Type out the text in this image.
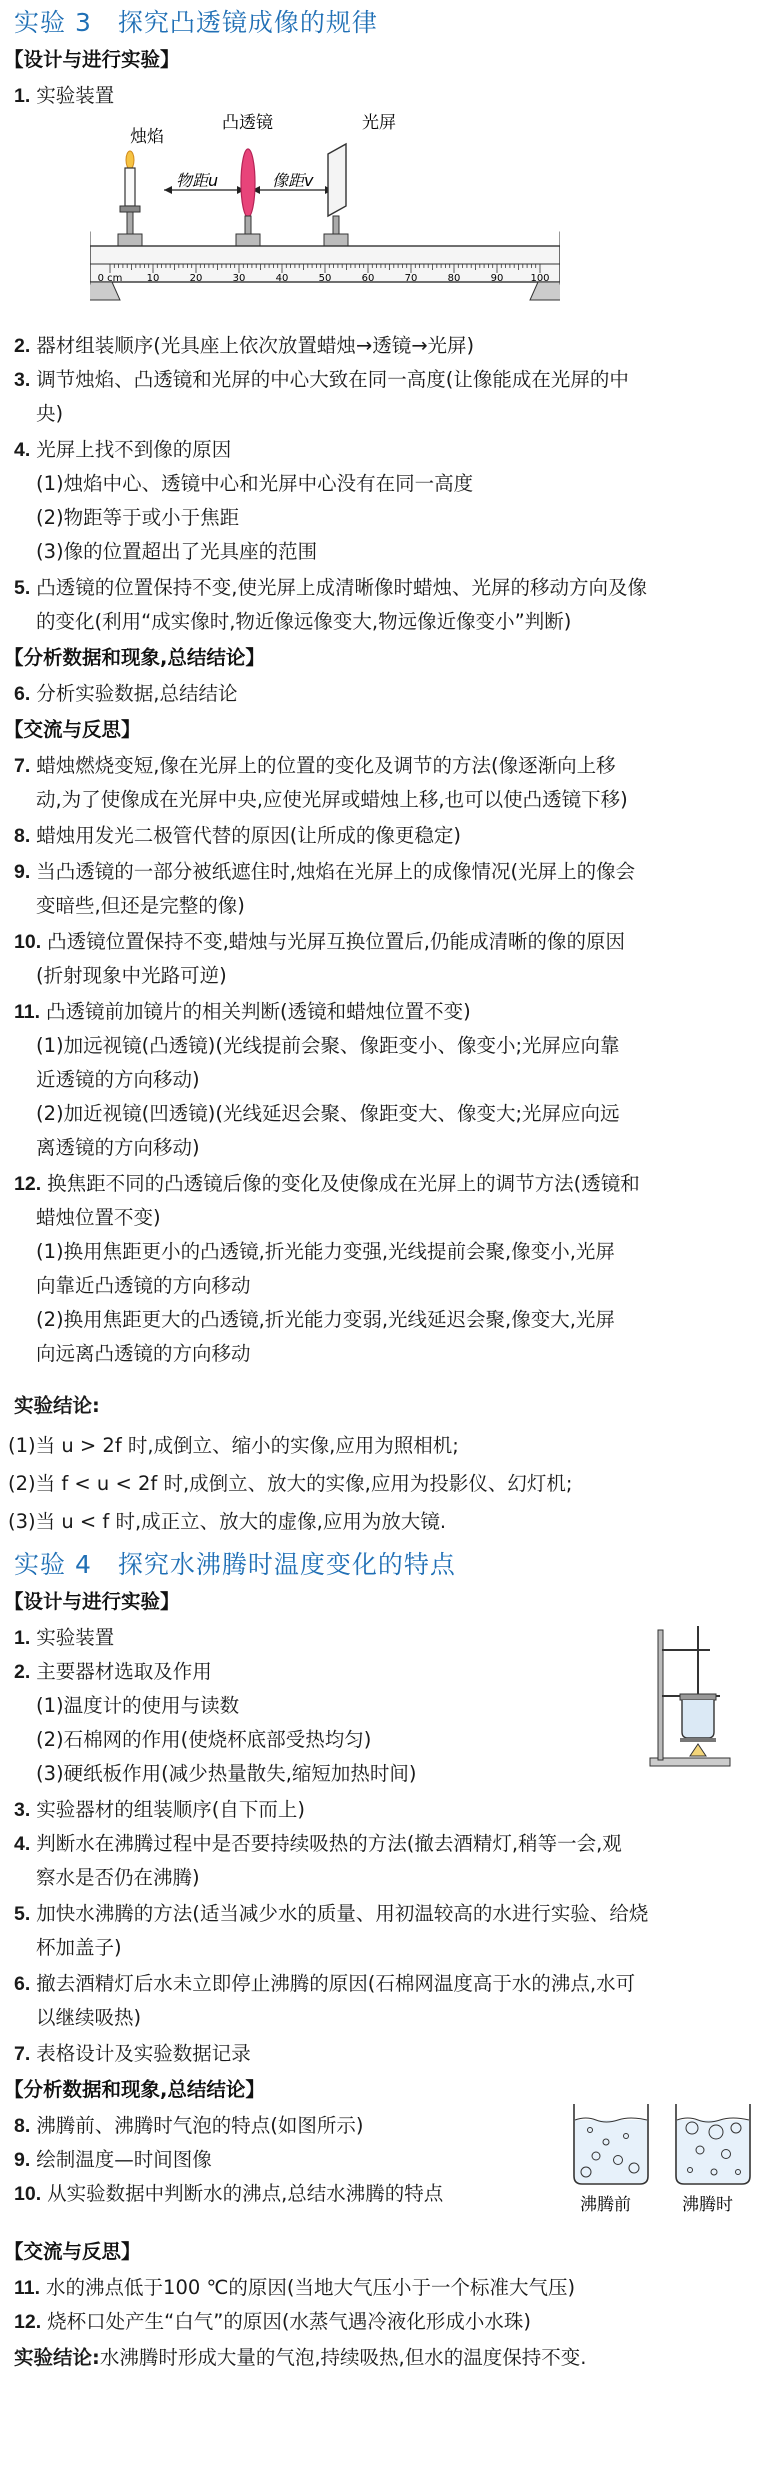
实验 3　探究凸透镜成像的规律
【设计与进行实验】
1. 实验装置
烛焰
凸透镜	光屏
物距u	像距v
0 cm 10	20	30	40	50	60	70	80	90	100
2. 器材组装顺序(光具座上依次放置蜡烛→透镜→光屏)
3. 调节烛焰、凸透镜和光屏的中心大致在同一高度(让像能成在光屏的中
央)
4. 光屏上找不到像的原因
(1)烛焰中心、透镜中心和光屏中心没有在同一高度
(2)物距等于或小于焦距
(3)像的位置超出了光具座的范围
5. 凸透镜的位置保持不变,使光屏上成清晰像时蜡烛、光屏的移动方向及像
的变化(利用“成实像时,物近像远像变大,物远像近像变小”判断)
【分析数据和现象,总结结论】
6. 分析实验数据,总结结论
【交流与反思】
7. 蜡烛燃烧变短,像在光屏上的位置的变化及调节的方法(像逐渐向上移
动,为了使像成在光屏中央,应使光屏或蜡烛上移,也可以使凸透镜下移)
8. 蜡烛用发光二极管代替的原因(让所成的像更稳定)
9. 当凸透镜的一部分被纸遮住时,烛焰在光屏上的成像情况(光屏上的像会
变暗些,但还是完整的像)
10. 凸透镜位置保持不变,蜡烛与光屏互换位置后,仍能成清晰的像的原因
(折射现象中光路可逆)
11. 凸透镜前加镜片的相关判断(透镜和蜡烛位置不变)
(1)加远视镜(凸透镜)(光线提前会聚、像距变小、像变小;光屏应向靠
近透镜的方向移动)
(2)加近视镜(凹透镜)(光线延迟会聚、像距变大、像变大;光屏应向远
离透镜的方向移动)
12. 换焦距不同的凸透镜后像的变化及使像成在光屏上的调节方法(透镜和
蜡烛位置不变)
(1)换用焦距更小的凸透镜,折光能力变强,光线提前会聚,像变小,光屏
向靠近凸透镜的方向移动
(2)换用焦距更大的凸透镜,折光能力变弱,光线延迟会聚,像变大,光屏
向远离凸透镜的方向移动
实验结论:
(1)当 u > 2f 时,成倒立、缩小的实像,应用为照相机;
(2)当 f < u < 2f 时,成倒立、放大的实像,应用为投影仪、幻灯机;
(3)当 u < f 时,成正立、放大的虚像,应用为放大镜.
实验 4　探究水沸腾时温度变化的特点
【设计与进行实验】
1. 实验装置
2. 主要器材选取及作用
(1)温度计的使用与读数
(2)石棉网的作用(使烧杯底部受热均匀)
(3)硬纸板作用(减少热量散失,缩短加热时间)
3. 实验器材的组装顺序(自下而上)
4. 判断水在沸腾过程中是否要持续吸热的方法(撤去酒精灯,稍等一会,观
察水是否仍在沸腾)
5. 加快水沸腾的方法(适当减少水的质量、用初温较高的水进行实验、给烧
杯加盖子)
6. 撤去酒精灯后水未立即停止沸腾的原因(石棉网温度高于水的沸点,水可
以继续吸热)
7. 表格设计及实验数据记录
【分析数据和现象,总结结论】
8. 沸腾前、沸腾时气泡的特点(如图所示)
9. 绘制温度—时间图像
10. 从实验数据中判断水的沸点,总结水沸腾的特点	沸腾前	沸腾时
【交流与反思】
11. 水的沸点低于100 ℃的原因(当地大气压小于一个标准大气压)
12. 烧杯口处产生“白气”的原因(水蒸气遇冷液化形成小水珠)
实验结论:水沸腾时形成大量的气泡,持续吸热,但水的温度保持不变.
